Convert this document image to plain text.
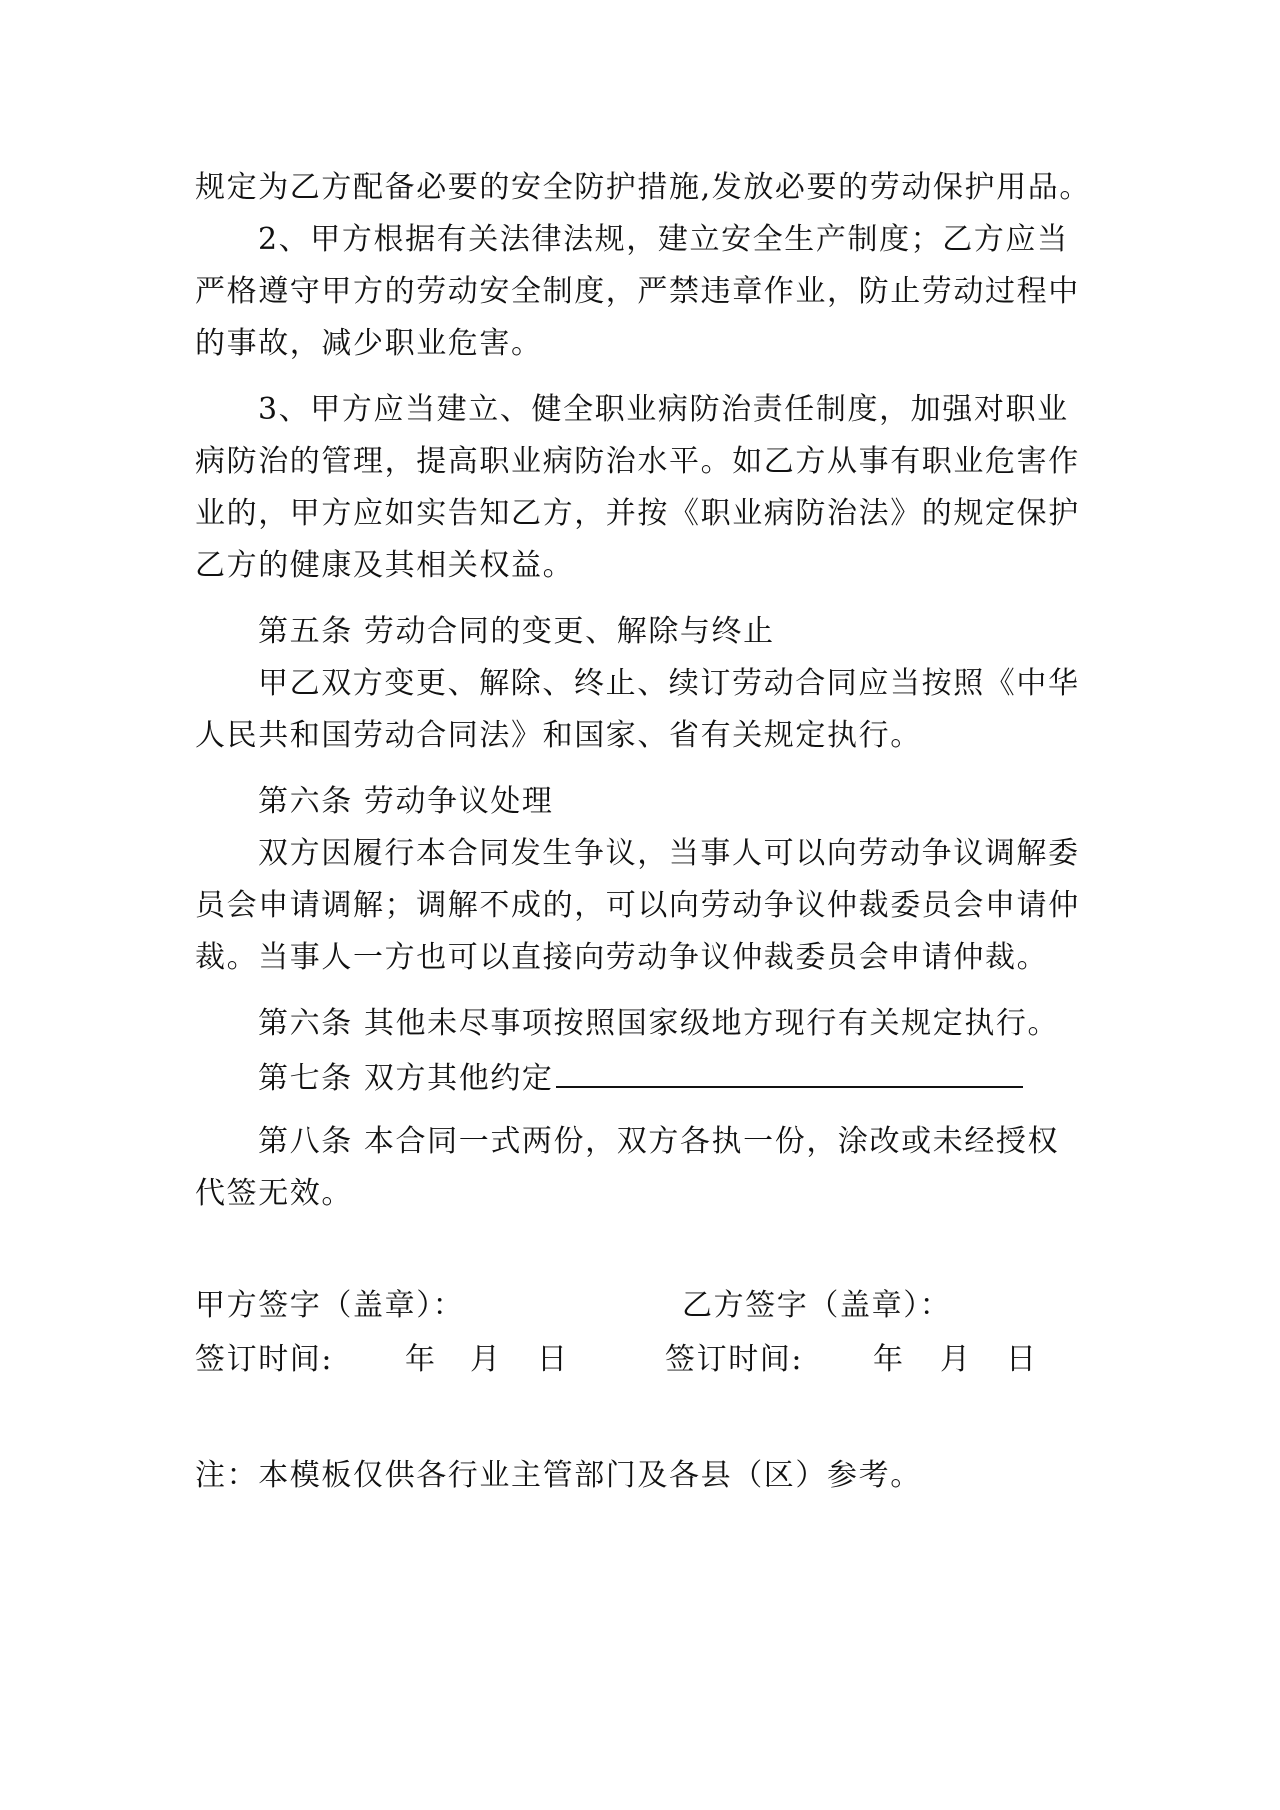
规定为乙方配备必要的安全防护措施,发放必要的劳动保护用品。
2、甲方根据有关法律法规，建立安全生产制度；乙方应当
严格遵守甲方的劳动安全制度，严禁违章作业，防止劳动过程中
的事故，减少职业危害。
3、甲方应当建立、健全职业病防治责任制度，加强对职业
病防治的管理，提高职业病防治水平。如乙方从事有职业危害作
业的，甲方应如实告知乙方，并按《职业病防治法》的规定保护
乙方的健康及其相关权益。
第五条 劳动合同的变更、解除与终止
甲乙双方变更、解除、终止、续订劳动合同应当按照《中华
人民共和国劳动合同法》和国家、省有关规定执行。
第六条 劳动争议处理
双方因履行本合同发生争议，当事人可以向劳动争议调解委
员会申请调解；调解不成的，可以向劳动争议仲裁委员会申请仲
裁。当事人一方也可以直接向劳动争议仲裁委员会申请仲裁。
第六条 其他未尽事项按照国家级地方现行有关规定执行。
第七条 双方其他约定
第八条 本合同一式两份，双方各执一份，涂改或未经授权
代签无效。
甲方签字（盖章）：	乙方签字（盖章）：
签订时间: 年 月 日	签订时间: 年 月 日
注：本模板仅供各行业主管部门及各县（区）参考。
